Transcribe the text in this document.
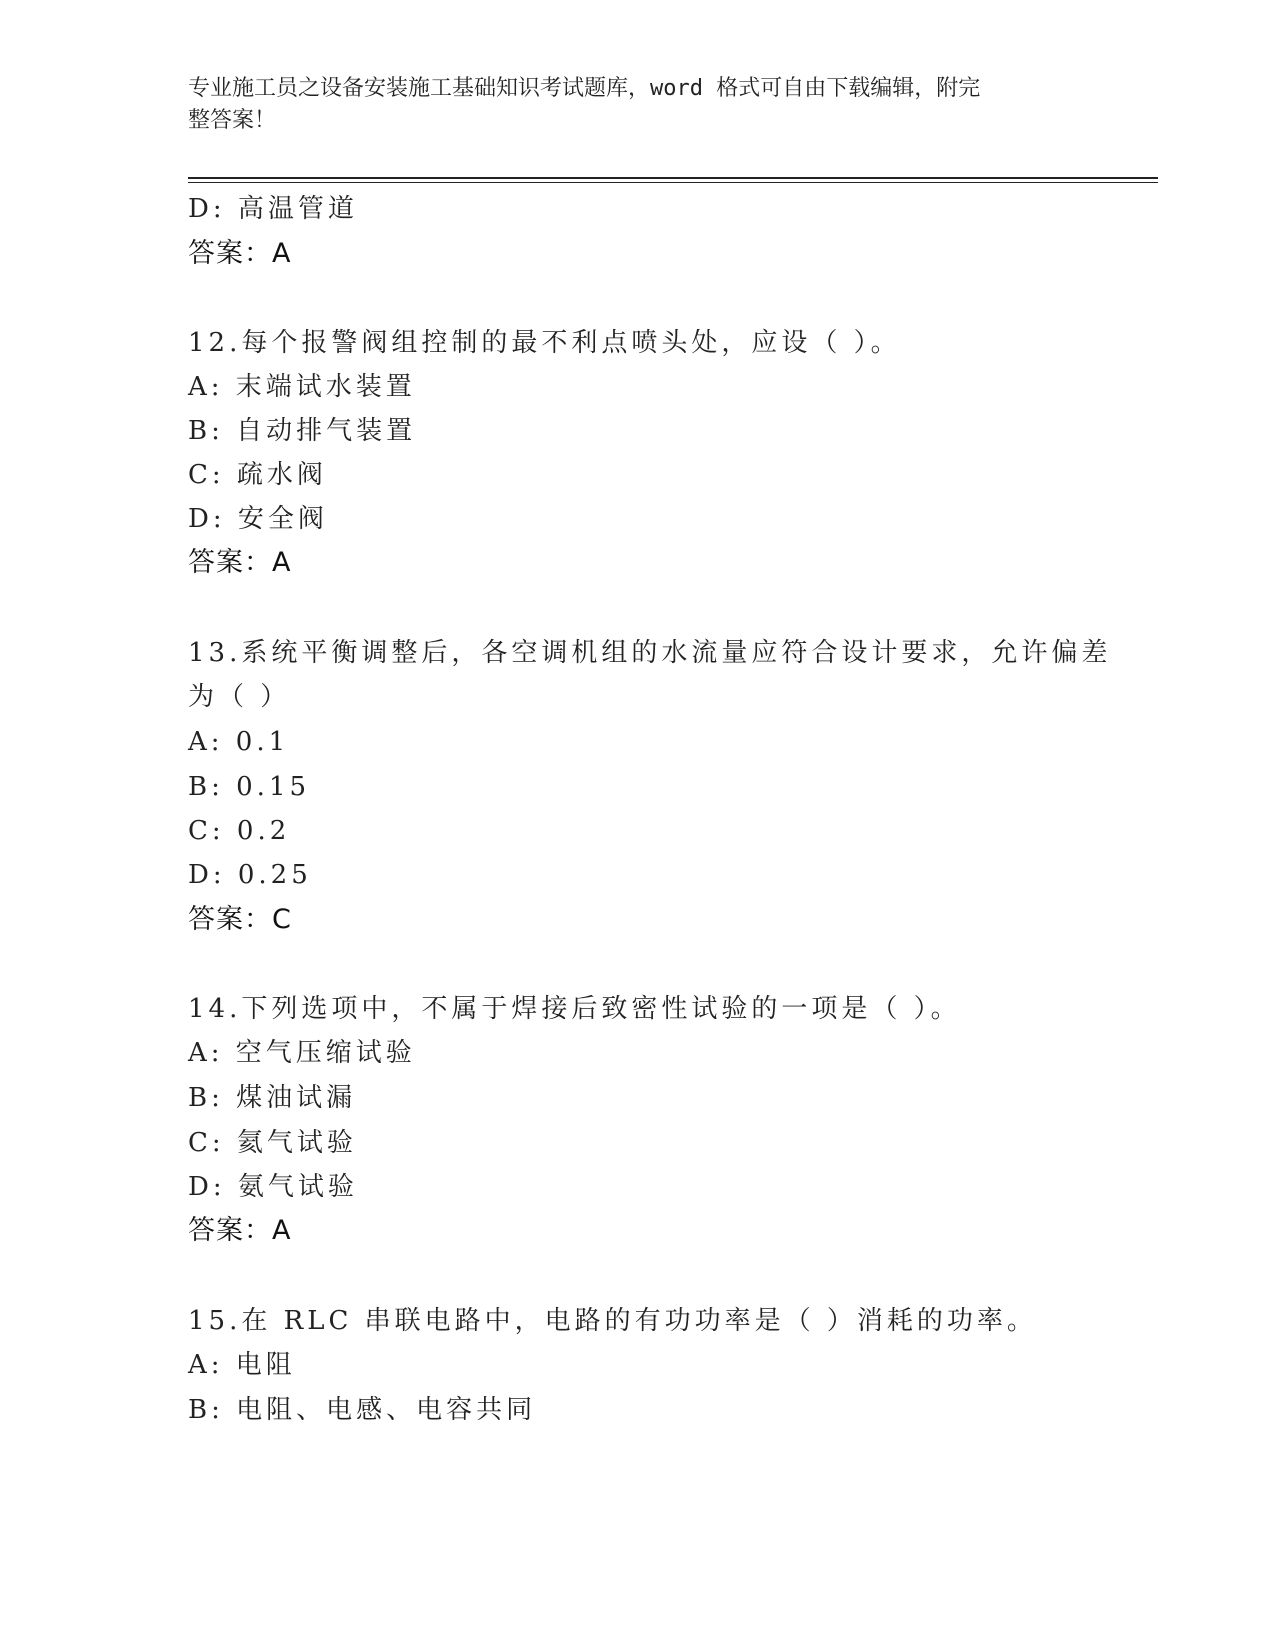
专业施工员之设备安装施工基础知识考试题库，word 格式可自由下载编辑，附完
整答案！
D: 高温管道
答案：A
12.每个报警阀组控制的最不利点喷头处，应设（ ）。
A: 末端试水装置
B: 自动排气装置
C: 疏水阀
D: 安全阀
答案：A
13.系统平衡调整后，各空调机组的水流量应符合设计要求，允许偏差
为（ ）
A: 0.1
B: 0.15
C: 0.2
D: 0.25
答案：C
14.下列选项中，不属于焊接后致密性试验的一项是（ ）。
A: 空气压缩试验
B: 煤油试漏
C: 氦气试验
D: 氨气试验
答案：A
15.在 RLC 串联电路中，电路的有功功率是（ ）消耗的功率。
A: 电阻
B: 电阻、电感、电容共同
